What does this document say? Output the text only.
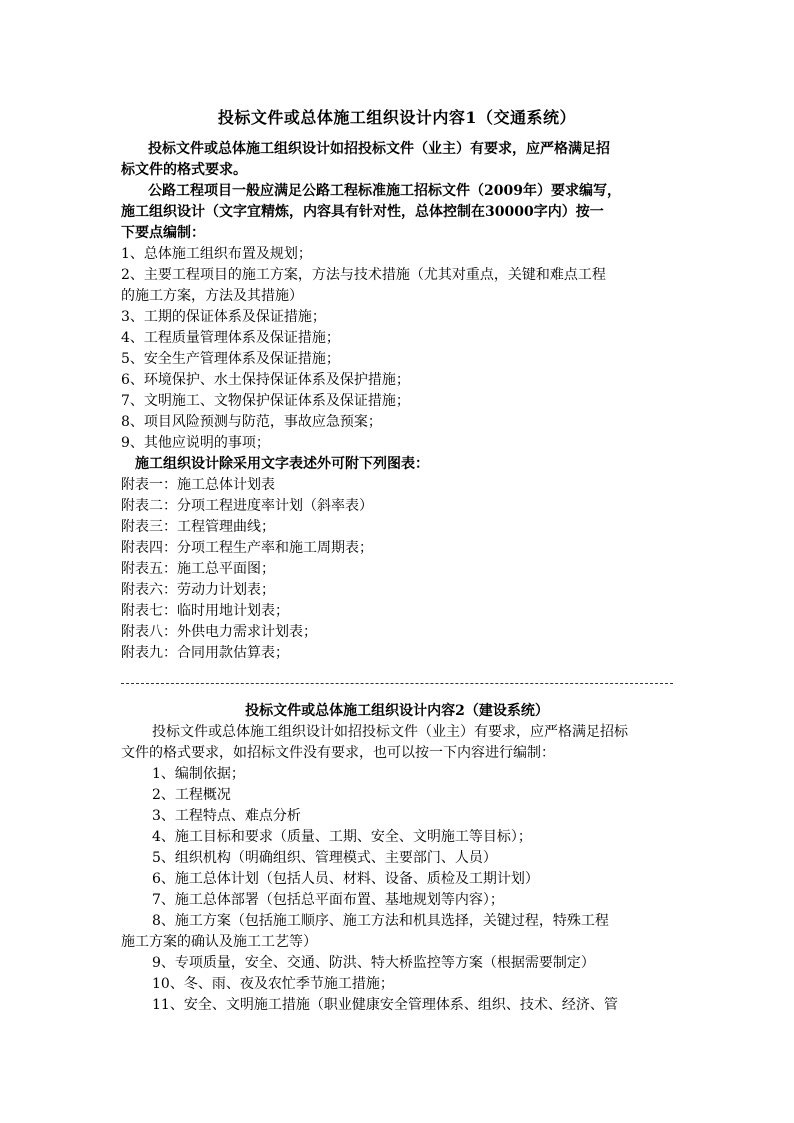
投标文件或总体施工组织设计内容1（交通系统）
投标文件或总体施工组织设计如招投标文件（业主）有要求，应严格满足招
标文件的格式要求。
公路工程项目一般应满足公路工程标准施工招标文件（2009年）要求编写，
施工组织设计（文字宜精炼，内容具有针对性，总体控制在30000字内）按一
下要点编制：
1、总体施工组织布置及规划；
2、主要工程项目的施工方案，方法与技术措施（尤其对重点，关键和难点工程
的施工方案，方法及其措施）
3、工期的保证体系及保证措施；
4、工程质量管理体系及保证措施；
5、安全生产管理体系及保证措施；
6、环境保护、水土保持保证体系及保护措施；
7、文明施工、文物保护保证体系及保证措施；
8、项目风险预测与防范，事故应急预案；
9、其他应说明的事项；
施工组织设计除采用文字表述外可附下列图表：
附表一：施工总体计划表
附表二：分项工程进度率计划（斜率表）
附表三：工程管理曲线；
附表四：分项工程生产率和施工周期表；
附表五：施工总平面图；
附表六：劳动力计划表；
附表七：临时用地计划表；
附表八：外供电力需求计划表；
附表九：合同用款估算表；
投标文件或总体施工组织设计内容2（建设系统）
投标文件或总体施工组织设计如招投标文件（业主）有要求，应严格满足招标
文件的格式要求，如招标文件没有要求，也可以按一下内容进行编制：
1、编制依据；
2、工程概况
3、工程特点、难点分析
4、施工目标和要求（质量、工期、安全、文明施工等目标）；
5、组织机构（明确组织、管理模式、主要部门、人员）
6、施工总体计划（包括人员、材料、设备、质检及工期计划）
7、施工总体部署（包括总平面布置、基地规划等内容）；
8、施工方案（包括施工顺序、施工方法和机具选择，关键过程，特殊工程
施工方案的确认及施工工艺等）
9、专项质量，安全、交通、防洪、特大桥监控等方案（根据需要制定）
10、冬、雨、夜及农忙季节施工措施；
11、安全、文明施工措施（职业健康安全管理体系、组织、技术、经济、管
